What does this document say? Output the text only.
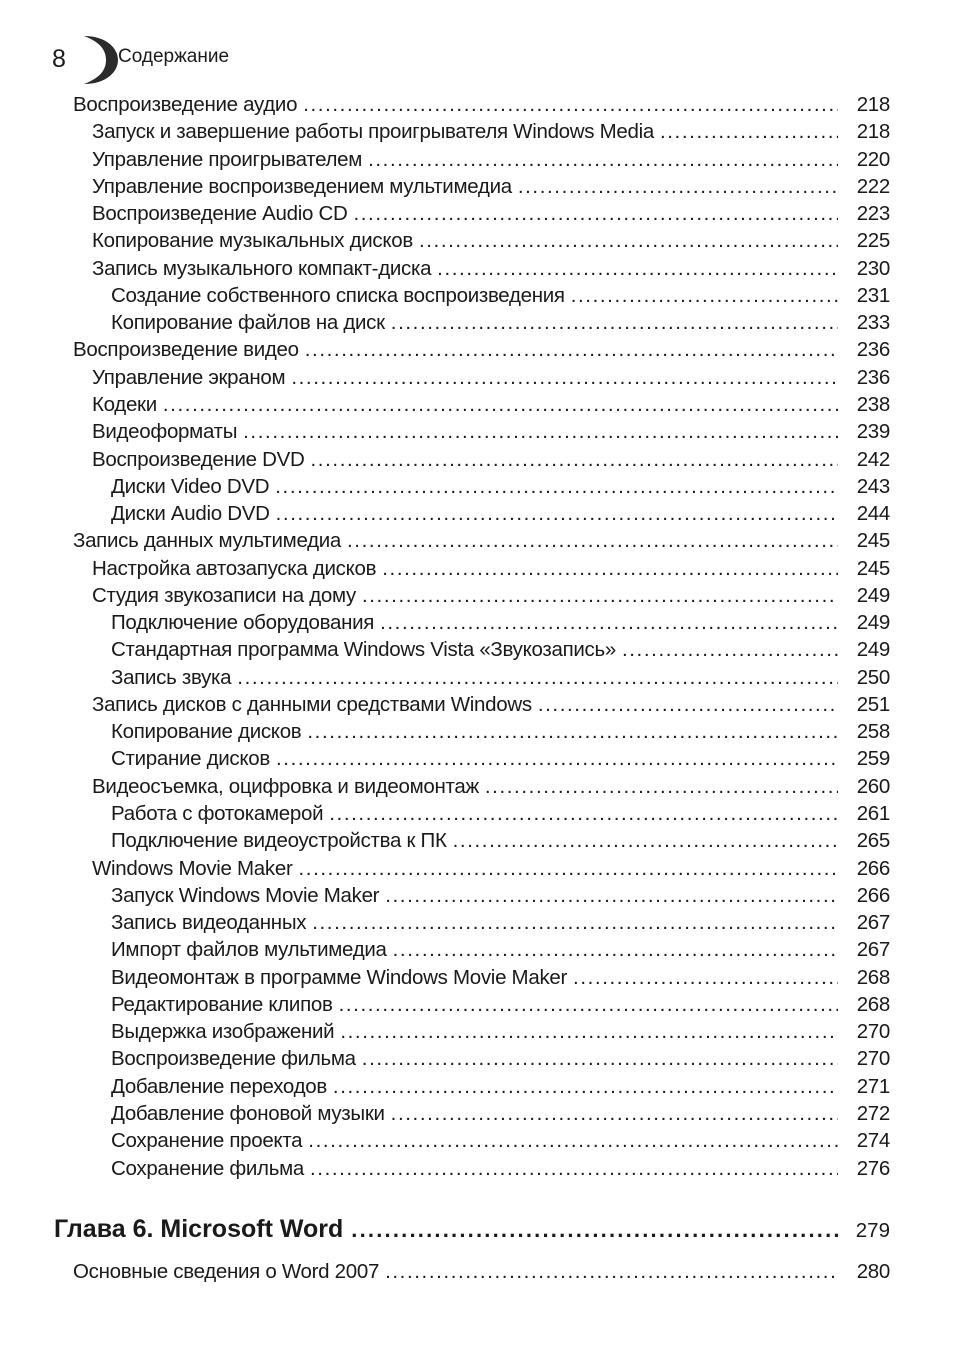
8	Содержание
Воспроизведение аудио .....	218
Запуск и завершение работы проигрывателя Windows Media .....	218
Управление проигрывателем .....	220
Управление воспроизведением мультимедиа .....	222
Воспроизведение Audio CD .....	223
Копирование музыкальных дисков .....	225
Запись музыкального компакт-диска .....	230
Создание собственного списка воспроизведения .....	231
Копирование файлов на диск .....	233
Воспроизведение видео .....	236
Управление экраном .....	236
Кодеки .....	238
Видеоформаты .....	239
Воспроизведение DVD .....	242
Диски Video DVD .....	243
Диски Audio DVD .....	244
Запись данных мультимедиа .....	245
Настройка автозапуска дисков .....	245
Студия звукозаписи на дому .....	249
Подключение оборудования .....	249
Стандартная программа Windows Vista «Звукозапись» .....	249
Запись звука .....	250
Запись дисков с данными средствами Windows .....	251
Копирование дисков .....	258
Стирание дисков .....	259
Видеосъемка, оцифровка и видеомонтаж .....	260
Работа с фотокамерой .....	261
Подключение видеоустройства к ПК .....	265
Windows Movie Maker .....	266
Запуск Windows Movie Maker .....	266
Запись видеоданных .....	267
Импорт файлов мультимедиа .....	267
Видеомонтаж в программе Windows Movie Maker .....	268
Редактирование клипов .....	268
Выдержка изображений .....	270
Воспроизведение фильма .....	270
Добавление переходов .....	271
Добавление фоновой музыки .....	272
Сохранение проекта .....	274
Сохранение фильма .....	276
Глава 6. Microsoft Word .....	279
Основные сведения о Word 2007 .....	280
